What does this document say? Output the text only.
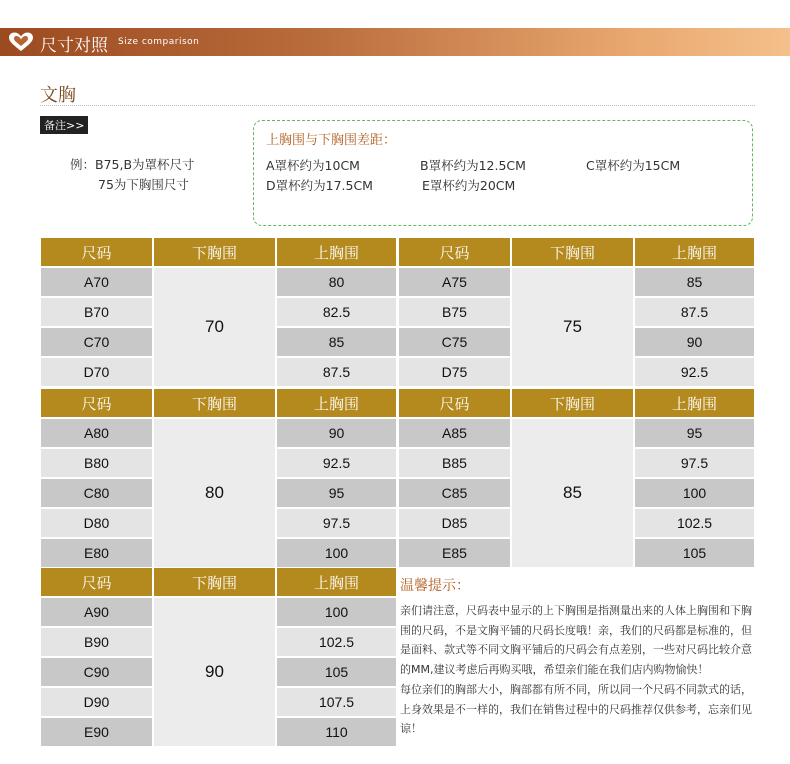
尺寸对照 Size comparison
文胸
备注>>
例：B75,B为罩杯尺寸
75为下胸围尺寸
上胸围与下胸围差距：
A罩杯约为10CM	B罩杯约为12.5CM	C罩杯约为15CM
D罩杯约为17.5CM	E罩杯约为20CM
尺码	下胸围	上胸围
A70	80
B70	82.5
C70	85
D70	87.5
70
尺码	下胸围	上胸围
A75	85
B75	87.5
C75	90
D75	92.5
75
尺码	下胸围	上胸围
A80	90
B80	92.5
C80	95
D80	97.5
E80	100
80
尺码	下胸围	上胸围
A85	95
B85	97.5
C85	100
D85	102.5
E85	105
85
尺码	下胸围	上胸围
A90	100
B90	102.5
C90	105
D90	107.5
E90	110
90
温馨提示：

亲们请注意，尺码表中显示的上下胸围是指测量出来的人体上胸围和下胸围的尺码，不是文胸平铺的尺码长度哦！亲，我们的尺码都是标准的，但是面料、款式等不同文胸平铺后的尺码会有点差别，一些对尺码比较介意的MM,建议考虑后再购买哦，希望亲们能在我们店内购物愉快！

每位亲们的胸部大小，胸部都有所不同，所以同一个尺码不同款式的话，上身效果是不一样的，我们在销售过程中的尺码推荐仅供参考，忘亲们见谅！
